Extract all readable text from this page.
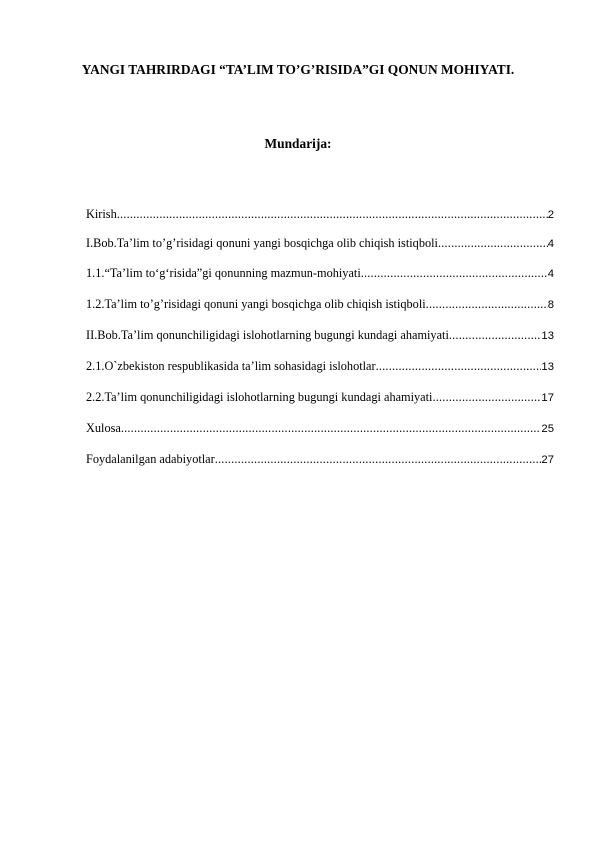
YANGI TAHRIRDAGI “TA’LIM TO’G’RISIDA”GI QONUN MOHIYATI.
Mundarija:
Kirish .....	2
I.Bob.Ta’lim to’g’risidagi qonuni yangi bosqichga olib chiqish istiqboli .....	4
1.1.“Ta’lim to‘g‘risida”gi qonunning mazmun-mohiyati .....	4
1.2.Ta’lim to’g’risidagi qonuni yangi bosqichga olib chiqish istiqboli .....	8
II.Bob.Ta’lim qonunchiligidagi islohotlarning bugungi kundagi ahamiyati .....	13
2.1.O`zbekiston respublikasida ta’lim sohasidagi islohotlar .....	13
2.2.Ta’lim qonunchiligidagi islohotlarning bugungi kundagi ahamiyati .....	17
Xulosa .....	25
Foydalanilgan adabiyotlar .....	27
